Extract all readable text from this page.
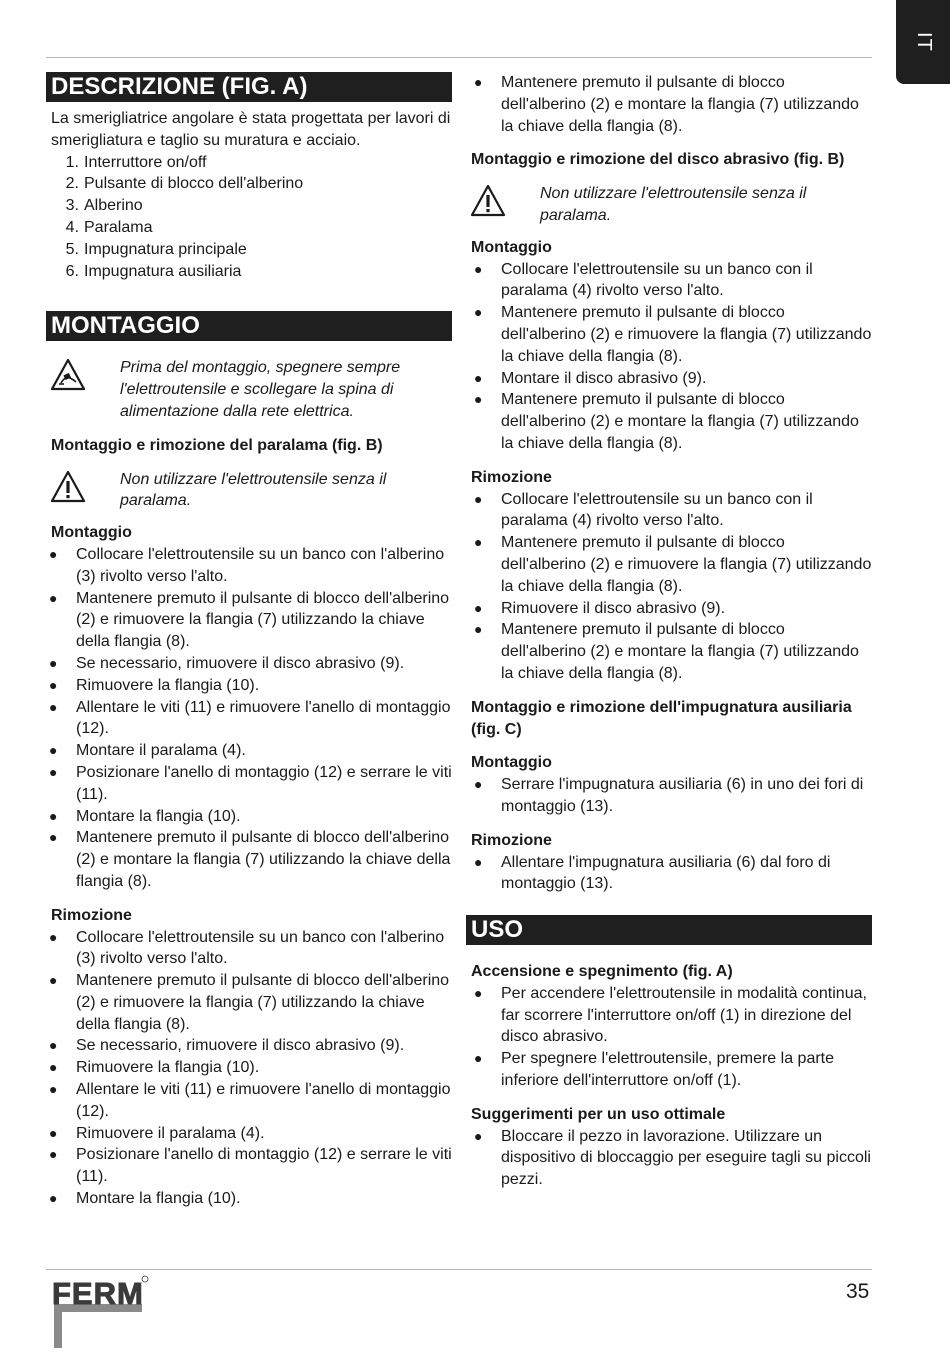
IT
DESCRIZIONE (FIG. A)
La smerigliatrice angolare è stata progettata per lavori di smerigliatura e taglio su muratura e acciaio.
1. Interruttore on/off
2. Pulsante di blocco dell'alberino
3. Alberino
4. Paralama
5. Impugnatura principale
6. Impugnatura ausiliaria
MONTAGGIO
Prima del montaggio, spegnere sempre l'elettroutensile e scollegare la spina di alimentazione dalla rete elettrica.
Montaggio e rimozione del paralama (fig. B)
Non utilizzare l'elettroutensile senza il paralama.
Montaggio
●	Collocare l'elettroutensile su un banco con l'alberino (3) rivolto verso l'alto.
●	Mantenere premuto il pulsante di blocco dell'alberino (2) e rimuovere la flangia (7) utilizzando la chiave della flangia (8).
●	Se necessario, rimuovere il disco abrasivo (9).
●	Rimuovere la flangia (10).
●	Allentare le viti (11) e rimuovere l'anello di montaggio (12).
●	Montare il paralama (4).
●	Posizionare l'anello di montaggio (12) e serrare le viti (11).
●	Montare la flangia (10).
●	Mantenere premuto il pulsante di blocco dell'alberino (2) e montare la flangia (7) utilizzando la chiave della flangia (8).
Rimozione
●	Collocare l'elettroutensile su un banco con l'alberino (3) rivolto verso l'alto.
●	Mantenere premuto il pulsante di blocco dell'alberino (2) e rimuovere la flangia (7) utilizzando la chiave della flangia (8).
●	Se necessario, rimuovere il disco abrasivo (9).
●	Rimuovere la flangia (10).
●	Allentare le viti (11) e rimuovere l'anello di montaggio (12).
●	Rimuovere il paralama (4).
●	Posizionare l'anello di montaggio (12) e serrare le viti (11).
●	Montare la flangia (10).
●	Mantenere premuto il pulsante di blocco dell'alberino (2) e montare la flangia (7) utilizzando la chiave della flangia (8).
Montaggio e rimozione del disco abrasivo (fig. B)
Non utilizzare l'elettroutensile senza il paralama.
Montaggio
●	Collocare l'elettroutensile su un banco con il paralama (4) rivolto verso l'alto.
●	Mantenere premuto il pulsante di blocco dell'alberino (2) e rimuovere la flangia (7) utilizzando la chiave della flangia (8).
●	Montare il disco abrasivo (9).
●	Mantenere premuto il pulsante di blocco dell'alberino (2) e montare la flangia (7) utilizzando la chiave della flangia (8).
Rimozione
●	Collocare l'elettroutensile su un banco con il paralama (4) rivolto verso l'alto.
●	Mantenere premuto il pulsante di blocco dell'alberino (2) e rimuovere la flangia (7) utilizzando la chiave della flangia (8).
●	Rimuovere il disco abrasivo (9).
●	Mantenere premuto il pulsante di blocco dell'alberino (2) e montare la flangia (7) utilizzando la chiave della flangia (8).
Montaggio e rimozione dell'impugnatura ausiliaria (fig. C)
Montaggio
●	Serrare l'impugnatura ausiliaria (6) in uno dei fori di montaggio (13).
Rimozione
●	Allentare l'impugnatura ausiliaria (6) dal foro di montaggio (13).
USO
Accensione e spegnimento (fig. A)
●	Per accendere l'elettroutensile in modalità continua, far scorrere l'interruttore on/off (1) in direzione del disco abrasivo.
●	Per spegnere l'elettroutensile, premere la parte inferiore dell'interruttore on/off (1).
Suggerimenti per un uso ottimale
●	Bloccare il pezzo in lavorazione. Utilizzare un dispositivo di bloccaggio per eseguire tagli su piccoli pezzi.
FERM	35
